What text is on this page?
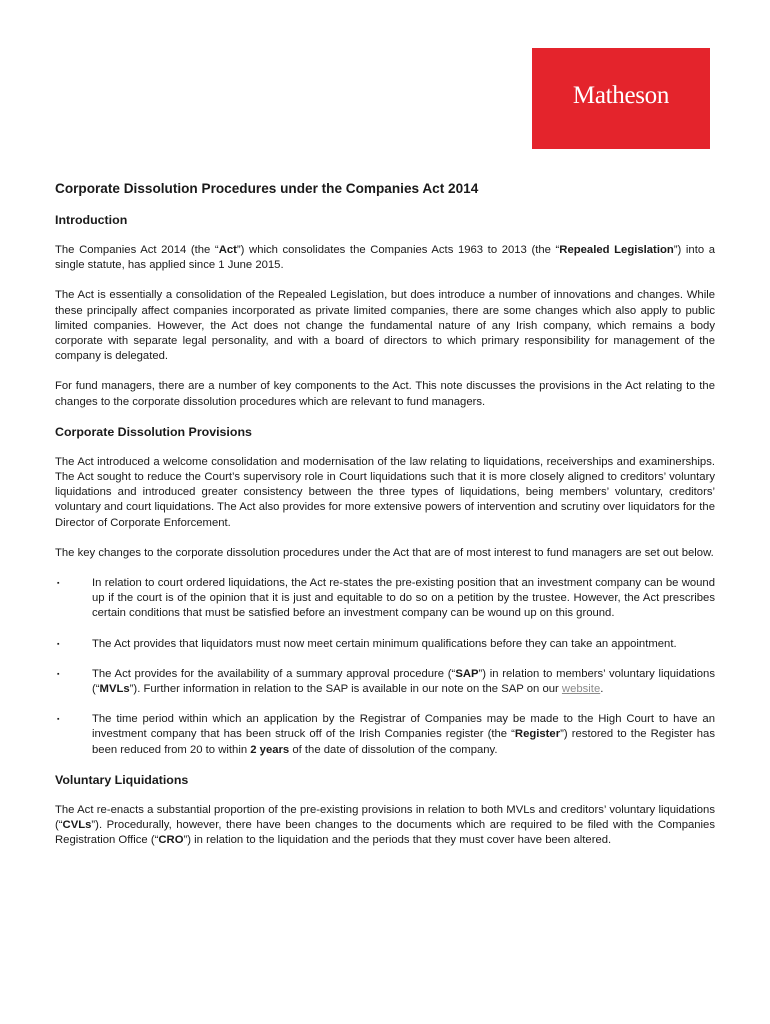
Matheson
Corporate Dissolution Procedures under the Companies Act 2014
Introduction

The Companies Act 2014 (the “Act”) which consolidates the Companies Acts 1963 to 2013 (the “Repealed Legislation”) into a single statute, has applied since 1 June 2015.

The Act is essentially a consolidation of the Repealed Legislation, but does introduce a number of innovations and changes. While these principally affect companies incorporated as private limited companies, there are some changes which also apply to public limited companies. However, the Act does not change the fundamental nature of any Irish company, which remains a body corporate with separate legal personality, and with a board of directors to which primary responsibility for management of the company is delegated.

For fund managers, there are a number of key components to the Act. This note discusses the provisions in the Act relating to the changes to the corporate dissolution procedures which are relevant to fund managers.

Corporate Dissolution Provisions

The Act introduced a welcome consolidation and modernisation of the law relating to liquidations, receiverships and examinerships. The Act sought to reduce the Court’s supervisory role in Court liquidations such that it is more closely aligned to creditors’ voluntary liquidations and introduced greater consistency between the three types of liquidations, being members’ voluntary, creditors’ voluntary and court liquidations. The Act also provides for more extensive powers of intervention and scrutiny over liquidators for the Director of Corporate Enforcement.

The key changes to the corporate dissolution procedures under the Act that are of most interest to fund managers are set out below.

▪	In relation to court ordered liquidations, the Act re-states the pre-existing position that an investment company can be wound up if the court is of the opinion that it is just and equitable to do so on a petition by the trustee. However, the Act prescribes certain conditions that must be satisfied before an investment company can be wound up on this ground.
▪	The Act provides that liquidators must now meet certain minimum qualifications before they can take an appointment.
▪	The Act provides for the availability of a summary approval procedure (“SAP”) in relation to members’ voluntary liquidations (“MVLs”). Further information in relation to the SAP is available in our note on the SAP on our website.
▪	The time period within which an application by the Registrar of Companies may be made to the High Court to have an investment company that has been struck off of the Irish Companies register (the “Register”) restored to the Register has been reduced from 20 to within 2 years of the date of dissolution of the company.
Voluntary Liquidations

The Act re-enacts a substantial proportion of the pre-existing provisions in relation to both MVLs and creditors’ voluntary liquidations (“CVLs”). Procedurally, however, there have been changes to the documents which are required to be filed with the Companies Registration Office (“CRO”) in relation to the liquidation and the periods that they must cover have been altered.
